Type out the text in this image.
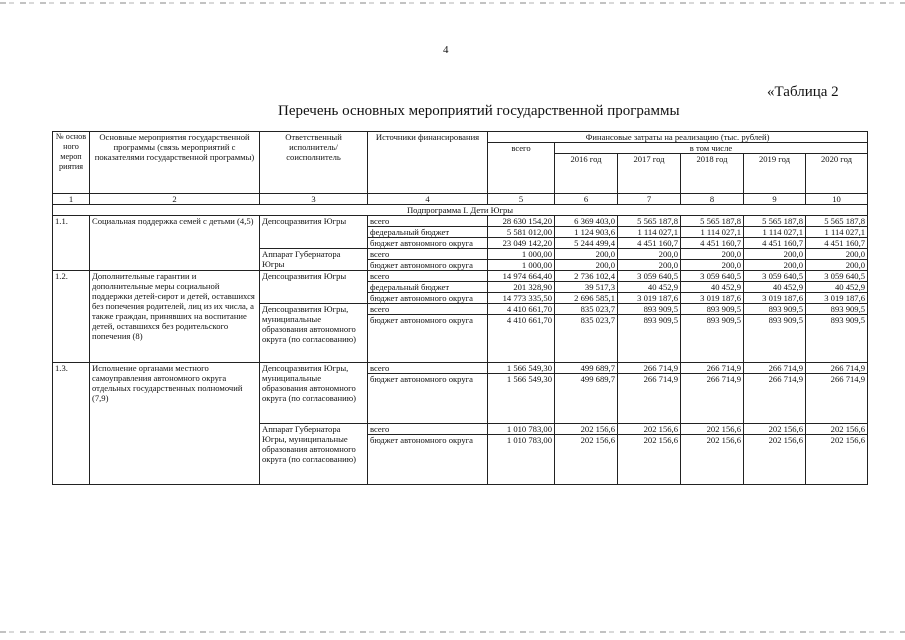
4
«Таблица 2
Перечень основных мероприятий государственной программы
№ основ ного мероп риятия	Основные мероприятия государственной программы (связь мероприятий с показателями государственной программы)	Ответственный исполнитель/ соисполнитель	Источники финансирования	Финансовые затраты на реализацию (тыс. рублей)					
				всего	в том числе				
					2016 год	2017 год	2018 год	2019 год	2020 год
1	2	3	4	5	6	7	8	9	10
Подпрограмма I. Дети Югры									
1.1.	Социальная поддержка семей с детьми (4,5)	Депсоцразвития Югры	всего	28 630 154,20	6 369 403,0	5 565 187,8	5 565 187,8	5 565 187,8	5 565 187,8
			федеральный бюджет	5 581 012,00	1 124 903,6	1 114 027,1	1 114 027,1	1 114 027,1	1 114 027,1
			бюджет автономного округа	23 049 142,20	5 244 499,4	4 451 160,7	4 451 160,7	4 451 160,7	4 451 160,7
		Аппарат Губернатора Югры	всего	1 000,00	200,0	200,0	200,0	200,0	200,0
			бюджет автономного округа	1 000,00	200,0	200,0	200,0	200,0	200,0

1.2.	Дополнительные гарантии и дополнительные меры социальной поддержки детей-сирот и детей, оставшихся без попечения родителей, лиц из их числа, а также граждан, принявших на воспитание детей, оставшихся без родительского попечения (8)	Депсоцразвития Югры	всего	14 974 664,40	2 736 102,4	3 059 640,5	3 059 640,5	3 059 640,5	3 059 640,5
			федеральный бюджет	201 328,90	39 517,3	40 452,9	40 452,9	40 452,9	40 452,9
			бюджет автономного округа	14 773 335,50	2 696 585,1	3 019 187,6	3 019 187,6	3 019 187,6	3 019 187,6
		Депсоцразвития Югры, муниципальные образования автономного округа (по согласованию)	всего	4 410 661,70	835 023,7	893 909,5	893 909,5	893 909,5	893 909,5
			бюджет автономного округа	4 410 661,70	835 023,7	893 909,5	893 909,5	893 909,5	893 909,5
1.3.	Исполнение органами местного самоуправления автономного округа отдельных государственных полномочий (7,9)	Депсоцразвития Югры, муниципальные образования автономного округа (по согласованию)	всего	1 566 549,30	499 689,7	266 714,9	266 714,9	266 714,9	266 714,9
			бюджет автономного округа	1 566 549,30	499 689,7	266 714,9	266 714,9	266 714,9	266 714,9
		Аппарат Губернатора Югры, муниципальные образования автономного округа (по согласованию)	всего	1 010 783,00	202 156,6	202 156,6	202 156,6	202 156,6	202 156,6
			бюджет автономного округа	1 010 783,00	202 156,6	202 156,6	202 156,6	202 156,6	202 156,6
